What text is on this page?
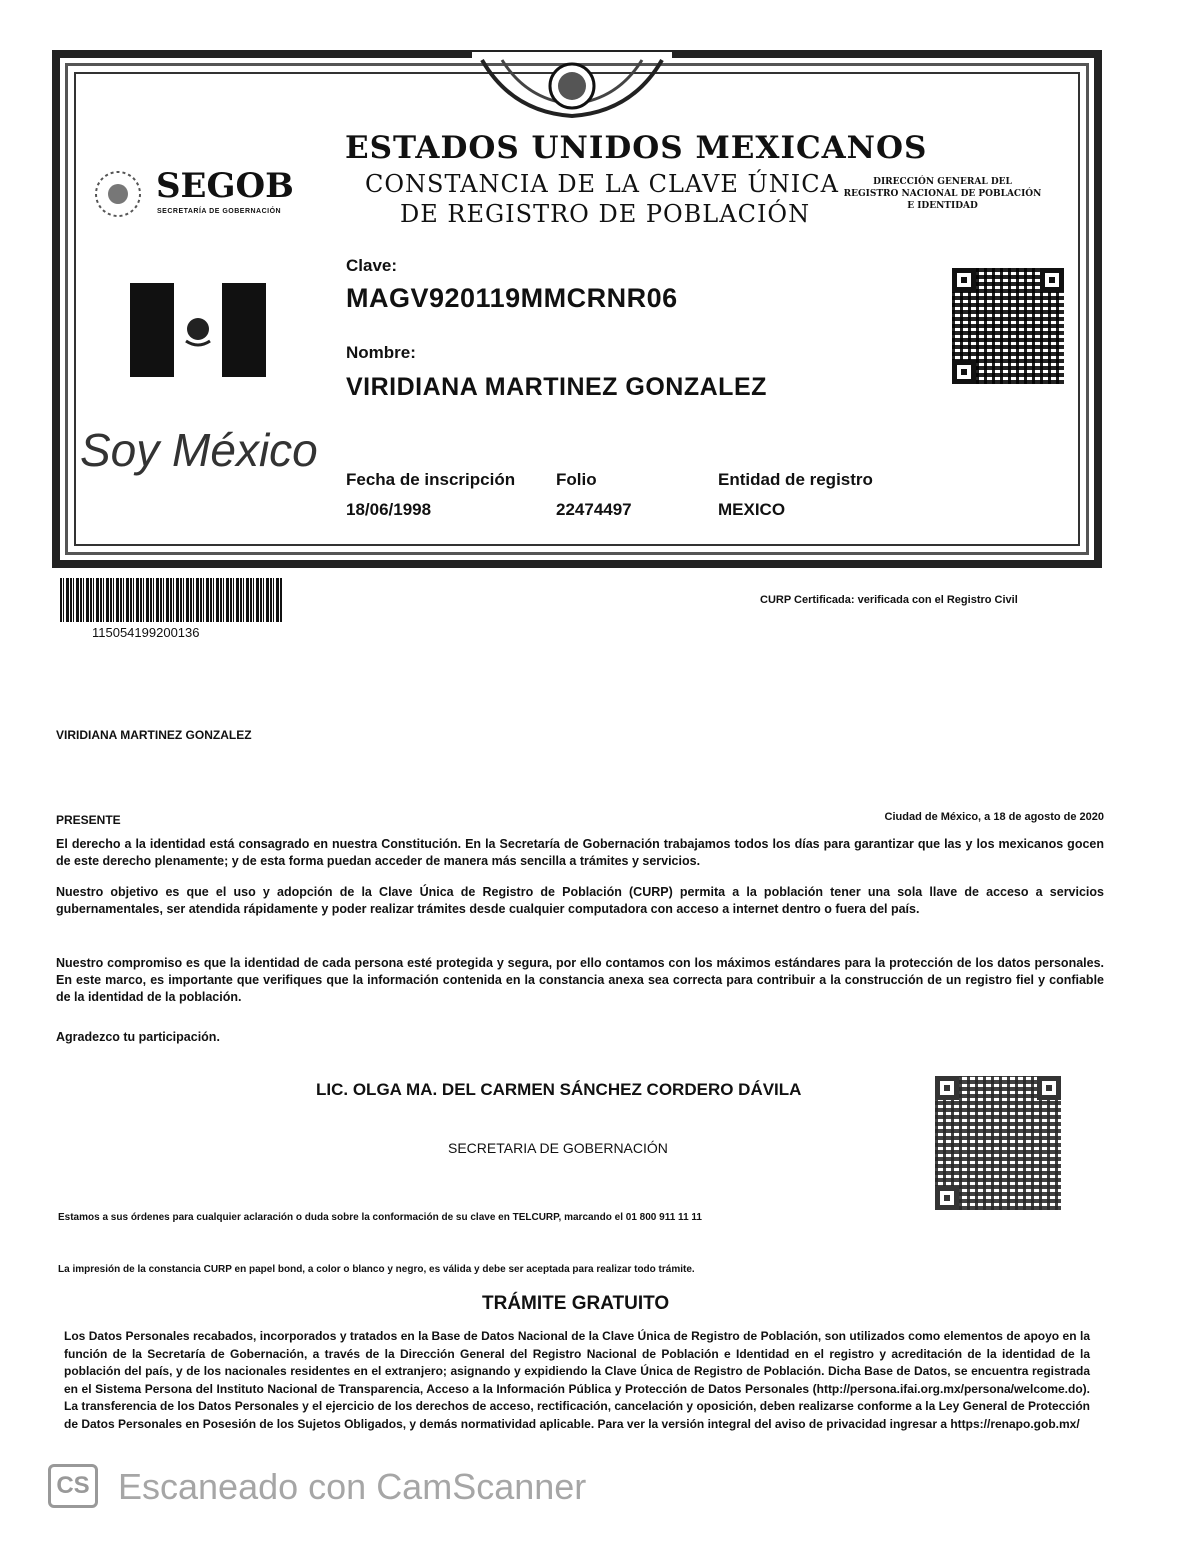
ESTADOS UNIDOS MEXICANOS
CONSTANCIA DE LA CLAVE ÚNICA
DE REGISTRO DE POBLACIÓN
SEGOB
SECRETARÍA DE GOBERNACIÓN
DIRECCIÓN GENERAL DEL
REGISTRO NACIONAL DE POBLACIÓN
E IDENTIDAD
Soy México
Clave:
MAGV920119MMCRNR06
Nombre:
VIRIDIANA MARTINEZ GONZALEZ
Fecha de inscripción
18/06/1998
Folio
22474497
Entidad de registro
MEXICO
115054199200136
CURP Certificada: verificada con el Registro Civil
VIRIDIANA MARTINEZ GONZALEZ
PRESENTE	Ciudad de México, a 18 de agosto de 2020
El derecho a la identidad está consagrado en nuestra Constitución. En la Secretaría de Gobernación trabajamos todos los días para garantizar que las y los mexicanos gocen de este derecho plenamente; y de esta forma puedan acceder de manera más sencilla a trámites y servicios.
Nuestro objetivo es que el uso y adopción de la Clave Única de Registro de Población (CURP) permita a la población tener una sola llave de acceso a servicios gubernamentales, ser atendida rápidamente y poder realizar trámites desde cualquier computadora con acceso a internet dentro o fuera del país.
Nuestro compromiso es que la identidad de cada persona esté protegida y segura, por ello contamos con los máximos estándares para la protección de los datos personales. En este marco, es importante que verifiques que la información contenida en la constancia anexa sea correcta para contribuir a la construcción de un registro fiel y confiable de la identidad de la población.
Agradezco tu participación.
LIC. OLGA MA. DEL CARMEN SÁNCHEZ CORDERO DÁVILA
SECRETARIA DE GOBERNACIÓN
Estamos a sus órdenes para cualquier aclaración o duda sobre la conformación de su clave en TELCURP, marcando el 01 800 911 11 11
La impresión de la constancia CURP en papel bond, a color o blanco y negro, es válida y debe ser aceptada para realizar todo trámite.
TRÁMITE GRATUITO
Los Datos Personales recabados, incorporados y tratados en la Base de Datos Nacional de la Clave Única de Registro de Población, son utilizados como elementos de apoyo en la función de la Secretaría de Gobernación, a través de la Dirección General del Registro Nacional de Población e Identidad en el registro y acreditación de la identidad de la población del país, y de los nacionales residentes en el extranjero; asignando y expidiendo la Clave Única de Registro de Población. Dicha Base de Datos, se encuentra registrada en el Sistema Persona del Instituto Nacional de Transparencia, Acceso a la Información Pública y Protección de Datos Personales (http://persona.ifai.org.mx/persona/welcome.do). La transferencia de los Datos Personales y el ejercicio de los derechos de acceso, rectificación, cancelación y oposición, deben realizarse conforme a la Ley General de Protección de Datos Personales en Posesión de los Sujetos Obligados, y demás normatividad aplicable. Para ver la versión integral del aviso de privacidad ingresar a https://renapo.gob.mx/
CS Escaneado con CamScanner
